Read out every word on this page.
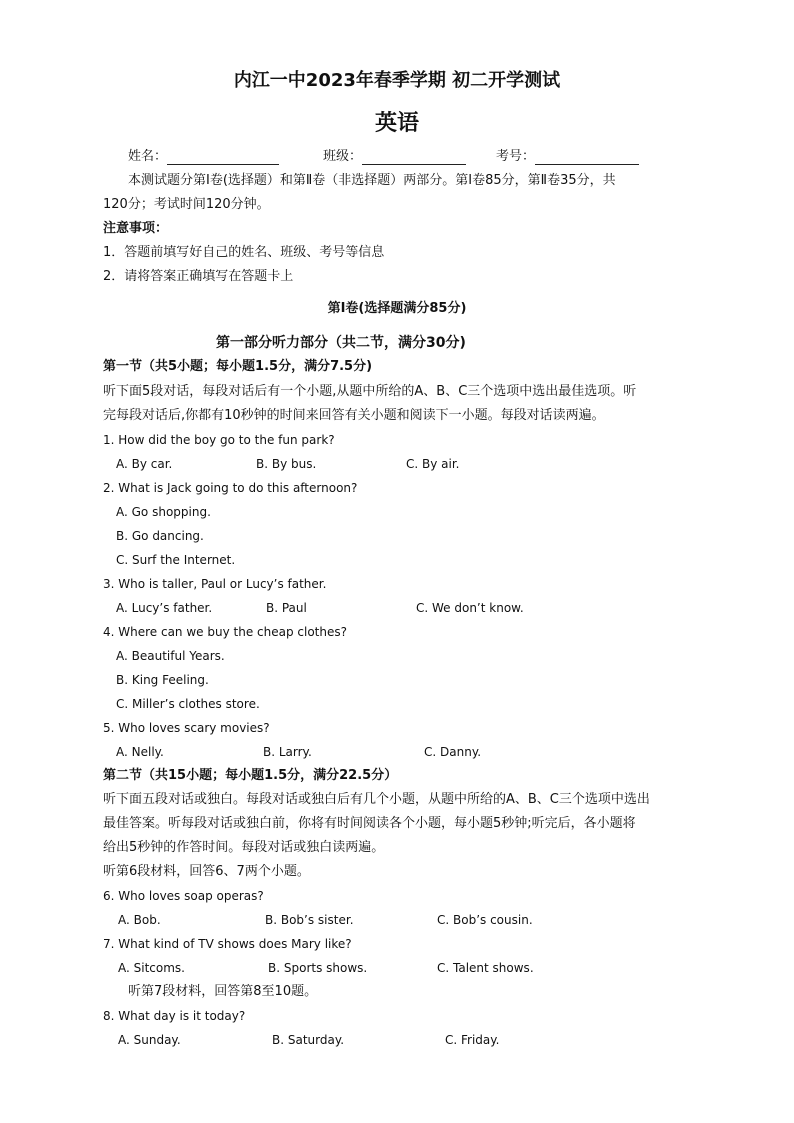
内江一中2023年春季学期 初二开学测试
英语
姓名：	班级：	考号：
本测试题分第Ⅰ卷(选择题）和第Ⅱ卷（非选择题）两部分。第Ⅰ卷85分，第Ⅱ卷35分，共
120分；考试时间120分钟。
注意事项：
1．答题前填写好自己的姓名、班级、考号等信息
2．请将答案正确填写在答题卡上
第Ⅰ卷(选择题满分85分)
第一部分听力部分（共二节，满分30分)
第一节（共5小题；每小题1.5分，满分7.5分)
听下面5段对话，每段对话后有一个小题,从题中所给的A、B、C三个选项中选出最佳选项。听
完每段对话后,你都有10秒钟的时间来回答有关小题和阅读下一小题。每段对话读两遍。
1. How did the boy go to the fun park?
A. By car.	B. By bus.	C. By air.
2. What is Jack going to do this afternoon?
A. Go shopping.
B. Go dancing.
C. Surf the Internet.
3. Who is taller, Paul or Lucy’s father.
A. Lucy’s father.	B. Paul	C. We don’t know.
4. Where can we buy the cheap clothes?
A. Beautiful Years.
B. King Feeling.
C. Miller’s clothes store.
5. Who loves scary movies?
A. Nelly.	B. Larry.	C. Danny.
第二节（共15小题；每小题1.5分，满分22.5分）
听下面五段对话或独白。每段对话或独白后有几个小题，从题中所给的A、B、C三个选项中选出
最佳答案。听每段对话或独白前，你将有时间阅读各个小题，每小题5秒钟;听完后，各小题将
给出5秒钟的作答时间。每段对话或独白读两遍。
听第6段材料，回答6、7两个小题。
6. Who loves soap operas?
A. Bob.	B. Bob’s sister.	C. Bob’s cousin.
7. What kind of TV shows does Mary like?
A. Sitcoms.	B. Sports shows.	C. Talent shows.
听第7段材料，回答第8至10题。
8. What day is it today?
A. Sunday.	B. Saturday.	C. Friday.
